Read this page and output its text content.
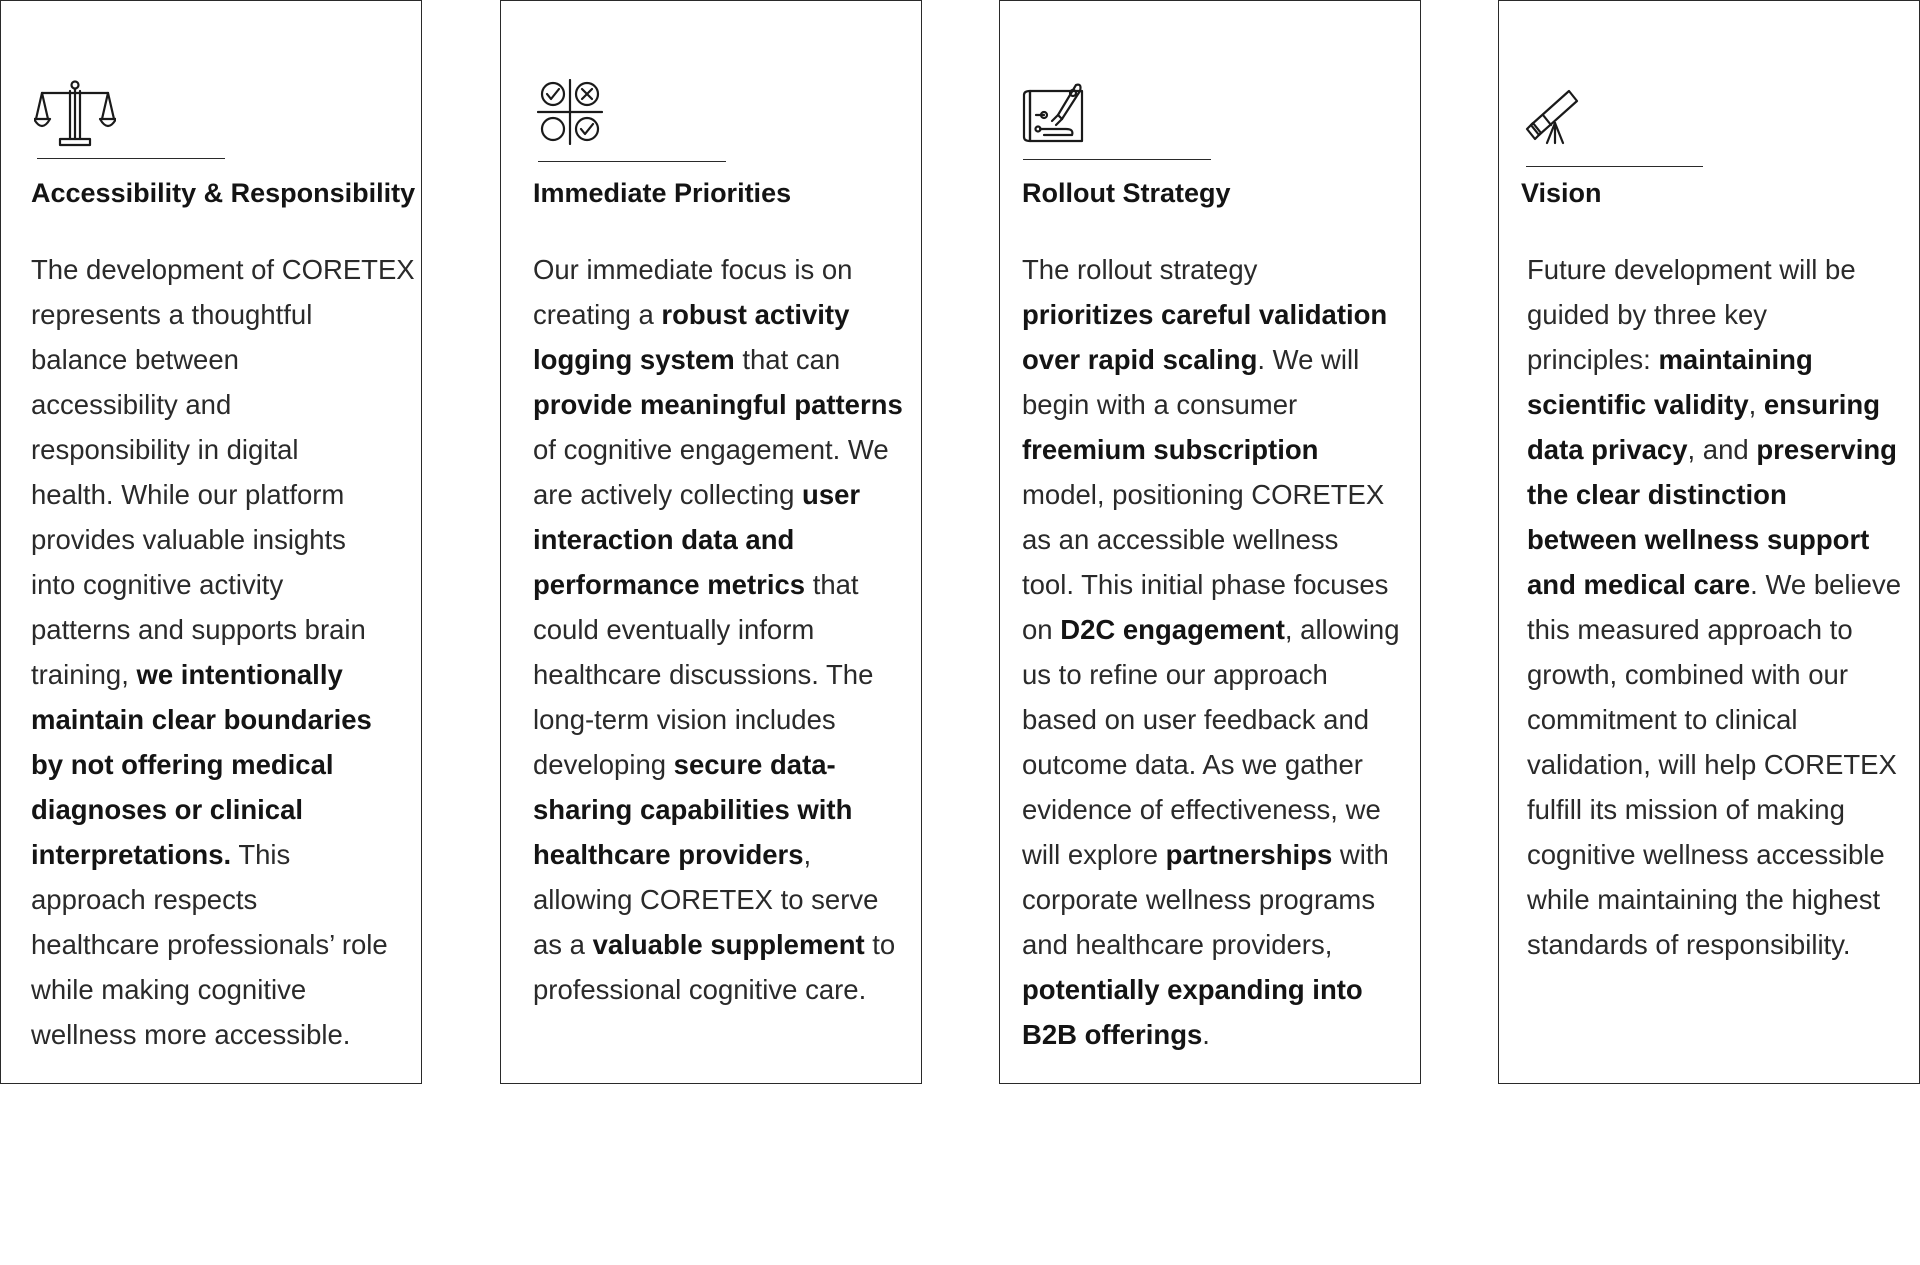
Accessibility & Responsibility
The development of CORETEX
represents a thoughtful
balance between
accessibility and
responsibility in digital
health. While our platform
provides valuable insights
into cognitive activity
patterns and supports brain
training, we intentionally
maintain clear boundaries
by not offering medical
diagnoses or clinical
interpretations. This
approach respects
healthcare professionals’ role
while making cognitive
wellness more accessible.
Immediate Priorities
Our immediate focus is on
creating a robust activity
logging system that can
provide meaningful patterns
of cognitive engagement. We
are actively collecting user
interaction data and
performance metrics that
could eventually inform
healthcare discussions. The
long-term vision includes
developing secure data-
sharing capabilities with
healthcare providers,
allowing CORETEX to serve
as a valuable supplement to
professional cognitive care.
Rollout Strategy
The rollout strategy
prioritizes careful validation
over rapid scaling. We will
begin with a consumer
freemium subscription
model, positioning CORETEX
as an accessible wellness
tool. This initial phase focuses
on D2C engagement, allowing
us to refine our approach
based on user feedback and
outcome data. As we gather
evidence of effectiveness, we
will explore partnerships with
corporate wellness programs
and healthcare providers,
potentially expanding into
B2B offerings.
Vision
Future development will be
guided by three key
principles: maintaining
scientific validity, ensuring
data privacy, and preserving
the clear distinction
between wellness support
and medical care. We believe
this measured approach to
growth, combined with our
commitment to clinical
validation, will help CORETEX
fulfill its mission of making
cognitive wellness accessible
while maintaining the highest
standards of responsibility.
